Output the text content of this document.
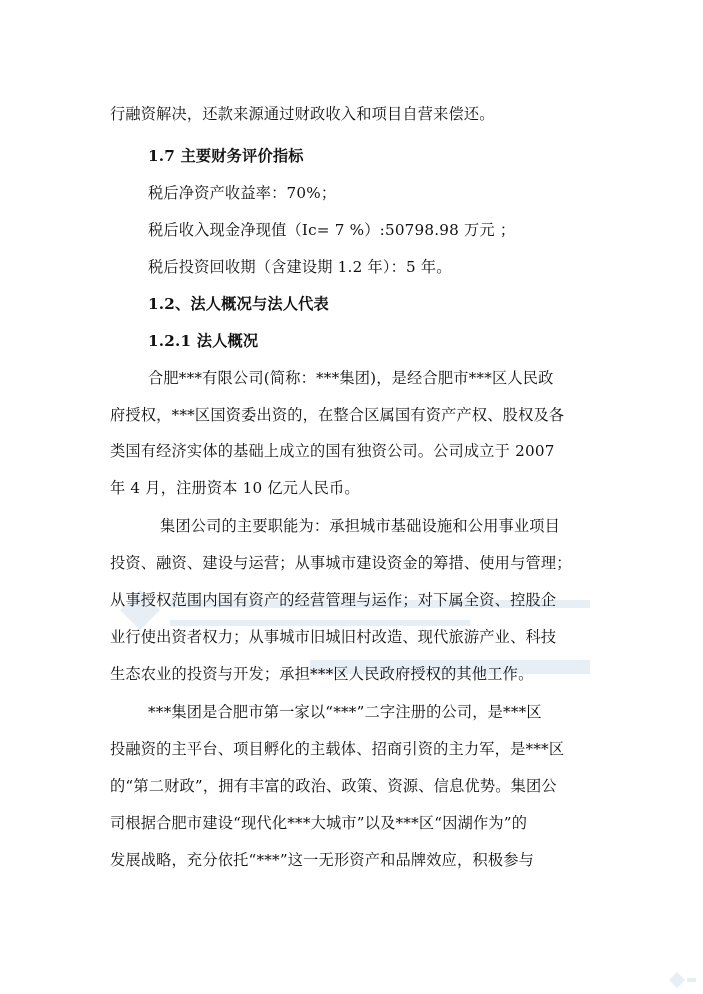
行融资解决，还款来源通过财政收入和项目自营来偿还。
1.7 主要财务评价指标
税后净资产收益率：70%；
税后收入现金净现值（Ic= 7 %）:50798.98 万元 ；
税后投资回收期（含建设期 1.2 年）：5 年。
1.2、法人概况与法人代表
1.2.1 法人概况
合肥***有限公司(简称：***集团)，是经合肥市***区人民政
府授权，***区国资委出资的，在整合区属国有资产产权、股权及各
类国有经济实体的基础上成立的国有独资公司。公司成立于 2007
年 4 月，注册资本 10 亿元人民币。
集团公司的主要职能为：承担城市基础设施和公用事业项目
投资、融资、建设与运营；从事城市建设资金的筹措、使用与管理；
从事授权范围内国有资产的经营管理与运作；对下属全资、控股企
业行使出资者权力；从事城市旧城旧村改造、现代旅游产业、科技
生态农业的投资与开发；承担***区人民政府授权的其他工作。
***集团是合肥市第一家以“***”二字注册的公司，是***区
投融资的主平台、项目孵化的主载体、招商引资的主力军，是***区
的“第二财政”，拥有丰富的政治、政策、资源、信息优势。集团公
司根据合肥市建设“现代化***大城市”以及***区“因湖作为”的
发展战略，充分依托“***”这一无形资产和品牌效应，积极参与
